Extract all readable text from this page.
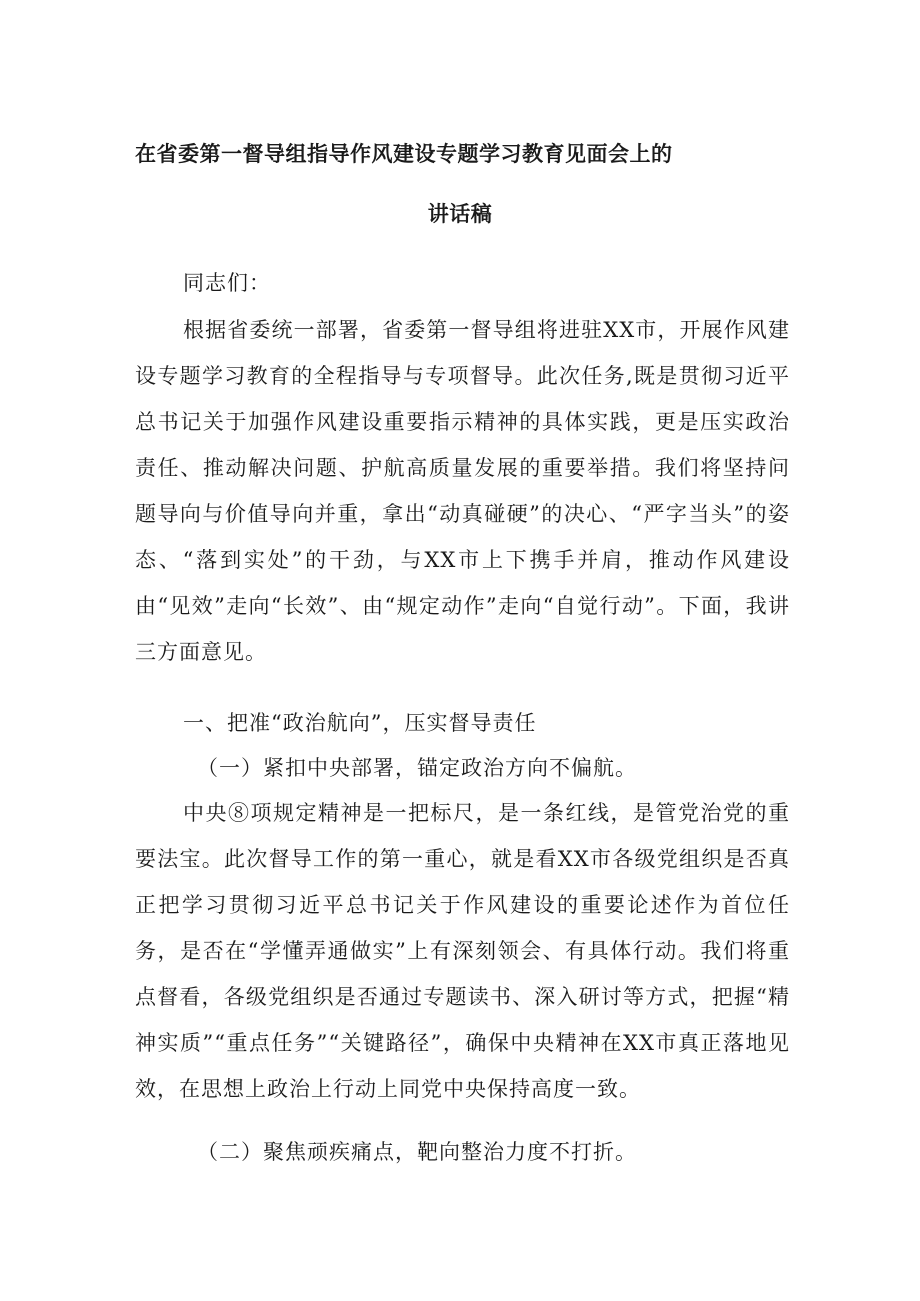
在省委第一督导组指导作风建设专题学习教育见面会上的
讲话稿
同志们：
根据省委统一部署，省委第一督导组将进驻XX市，开展作风建设专题学习教育的全程指导与专项督导。此次任务,既是贯彻习近平总书记关于加强作风建设重要指示精神的具体实践，更是压实政治责任、推动解决问题、护航高质量发展的重要举措。我们将坚持问题导向与价值导向并重，拿出“动真碰硬”的决心、“严字当头”的姿态、“落到实处”的干劲，与XX市上下携手并肩，推动作风建设由“见效”走向“长效”、由“规定动作”走向“自觉行动”。下面，我讲三方面意见。
一、把准“政治航向”，压实督导责任
（一）紧扣中央部署，锚定政治方向不偏航。
中央⑧项规定精神是一把标尺，是一条红线，是管党治党的重要法宝。此次督导工作的第一重心，就是看XX市各级党组织是否真正把学习贯彻习近平总书记关于作风建设的重要论述作为首位任务，是否在“学懂弄通做实”上有深刻领会、有具体行动。我们将重点督看，各级党组织是否通过专题读书、深入研讨等方式，把握“精神实质”“重点任务”“关键路径”，确保中央精神在XX市真正落地见效，在思想上政治上行动上同党中央保持高度一致。
（二）聚焦顽疾痛点，靶向整治力度不打折。
